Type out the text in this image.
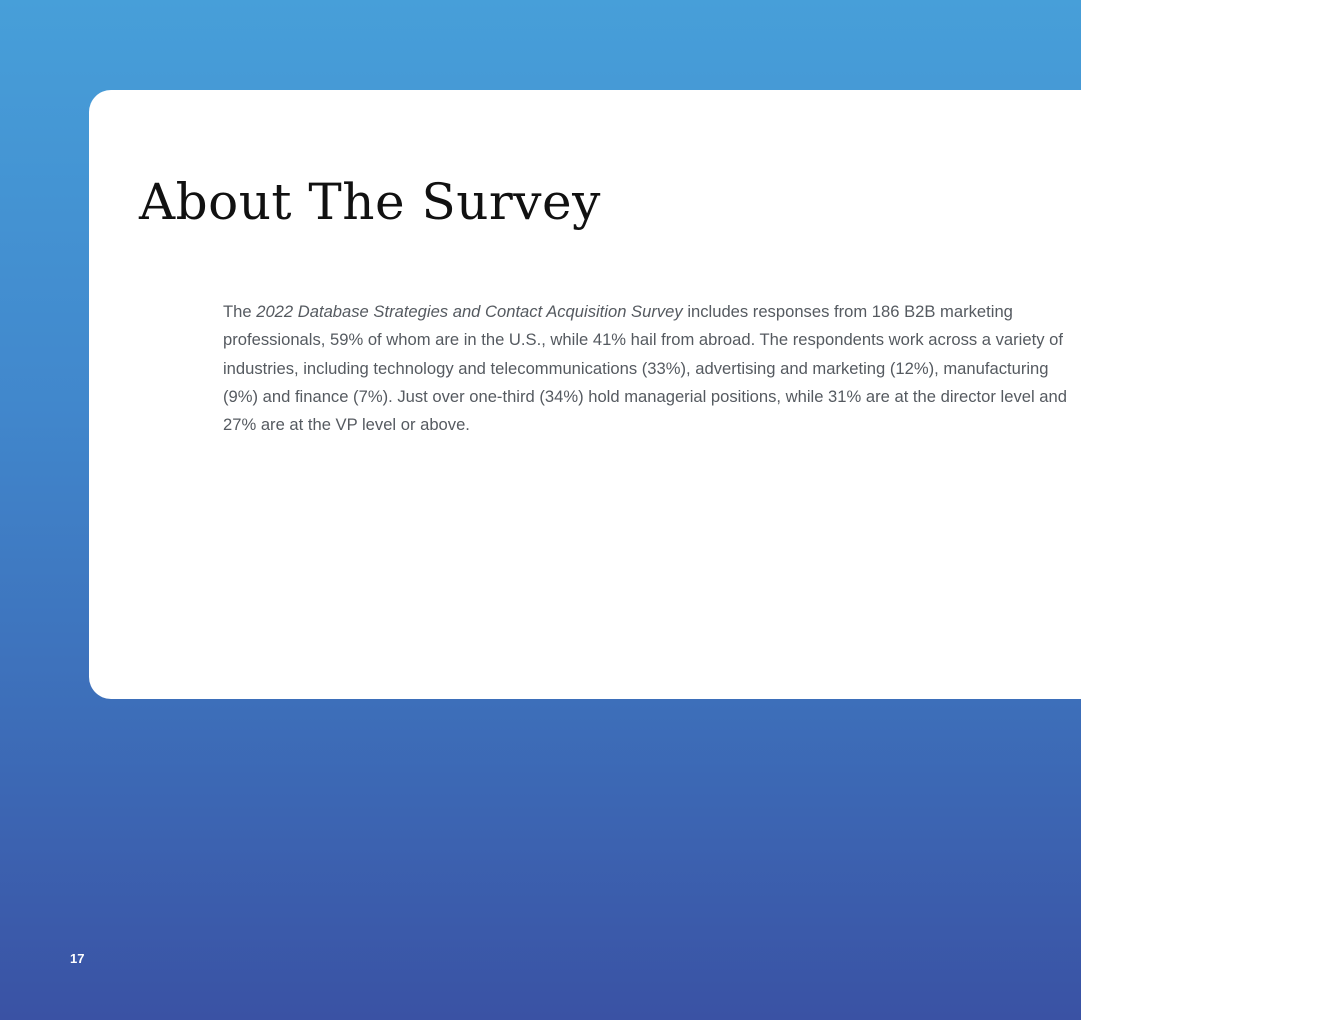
About The Survey

The 2022 Database Strategies and Contact Acquisition Survey includes responses from 186 B2B marketing professionals, 59% of whom are in the U.S., while 41% hail from abroad. The respondents work across a variety of industries, including technology and telecommunications (33%), advertising and marketing (12%), manufacturing (9%) and finance (7%). Just over one-third (34%) hold managerial positions, while 31% are at the director level and 27% are at the VP level or above.

17
